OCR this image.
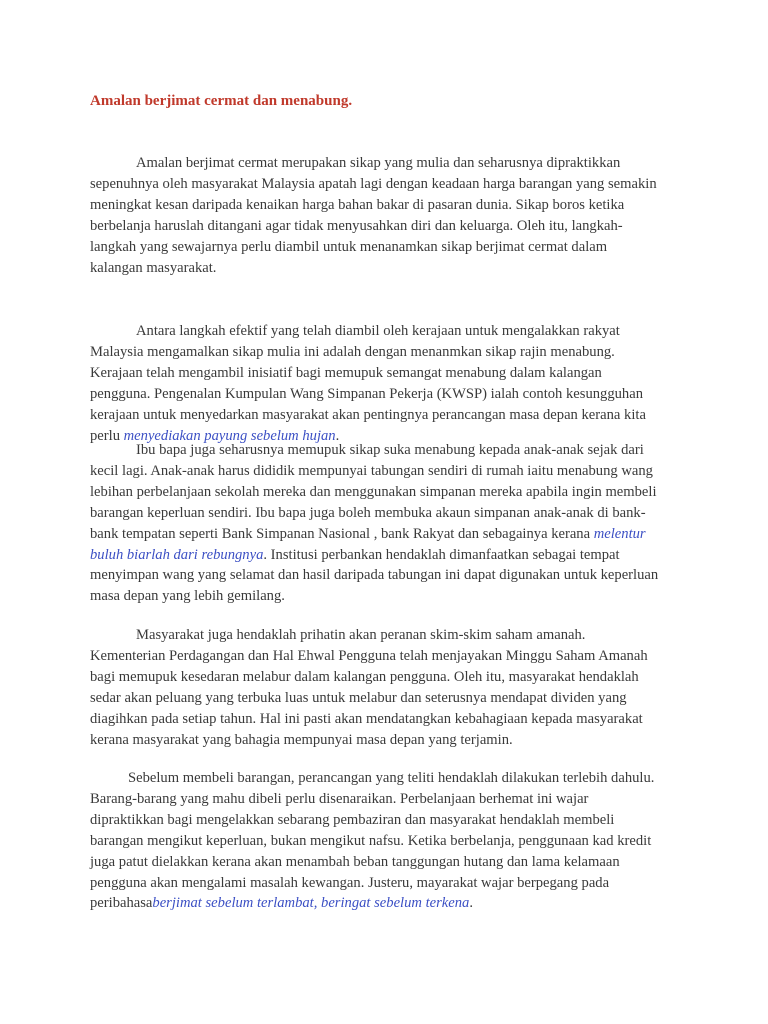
Amalan berjimat cermat dan menabung.
Amalan berjimat cermat merupakan sikap yang mulia dan seharusnya dipraktikkan
sepenuhnya oleh masyarakat Malaysia apatah lagi dengan keadaan harga barangan yang semakin
meningkat kesan daripada kenaikan harga bahan bakar di pasaran dunia. Sikap boros ketika
berbelanja haruslah ditangani agar tidak menyusahkan diri dan keluarga. Oleh itu, langkah-
langkah yang sewajarnya perlu diambil untuk menanamkan sikap berjimat cermat dalam
kalangan masyarakat.
Antara langkah efektif yang telah diambil oleh kerajaan untuk mengalakkan rakyat
Malaysia mengamalkan sikap mulia ini adalah dengan menanmkan sikap rajin menabung.
Kerajaan telah mengambil inisiatif bagi memupuk semangat menabung dalam kalangan
pengguna. Pengenalan Kumpulan Wang Simpanan Pekerja (KWSP) ialah contoh kesungguhan
kerajaan untuk menyedarkan masyarakat akan pentingnya perancangan masa depan kerana kita
perlu menyediakan payung sebelum hujan.
Ibu bapa juga seharusnya memupuk sikap suka menabung kepada anak-anak sejak dari
kecil lagi. Anak-anak harus dididik mempunyai tabungan sendiri di rumah iaitu menabung wang
lebihan perbelanjaan sekolah mereka dan menggunakan simpanan mereka apabila ingin membeli
barangan keperluan sendiri. Ibu bapa juga boleh membuka akaun simpanan anak-anak di bank-
bank tempatan seperti Bank Simpanan Nasional , bank Rakyat dan sebagainya kerana melentur
buluh biarlah dari rebungnya. Institusi perbankan hendaklah dimanfaatkan sebagai tempat
menyimpan wang yang selamat dan hasil daripada tabungan ini dapat digunakan untuk keperluan
masa depan yang lebih gemilang.
Masyarakat juga hendaklah prihatin akan peranan skim-skim saham amanah.
Kementerian Perdagangan dan Hal Ehwal Pengguna telah menjayakan Minggu Saham Amanah
bagi memupuk kesedaran melabur dalam kalangan pengguna. Oleh itu, masyarakat hendaklah
sedar akan peluang yang terbuka luas untuk melabur dan seterusnya mendapat dividen yang
diagihkan pada setiap tahun. Hal ini pasti akan mendatangkan kebahagiaan kepada masyarakat
kerana masyarakat yang bahagia mempunyai masa depan yang terjamin.
Sebelum membeli barangan, perancangan yang teliti hendaklah dilakukan terlebih dahulu.
Barang-barang yang mahu dibeli perlu disenaraikan. Perbelanjaan berhemat ini wajar
dipraktikkan bagi mengelakkan sebarang pembaziran dan masyarakat hendaklah membeli
barangan mengikut keperluan, bukan mengikut nafsu. Ketika berbelanja, penggunaan kad kredit
juga patut dielakkan kerana akan menambah beban tanggungan hutang dan lama kelamaan
pengguna akan mengalami masalah kewangan. Justeru, mayarakat wajar berpegang pada
peribahasaberjimat sebelum terlambat, beringat sebelum terkena.
